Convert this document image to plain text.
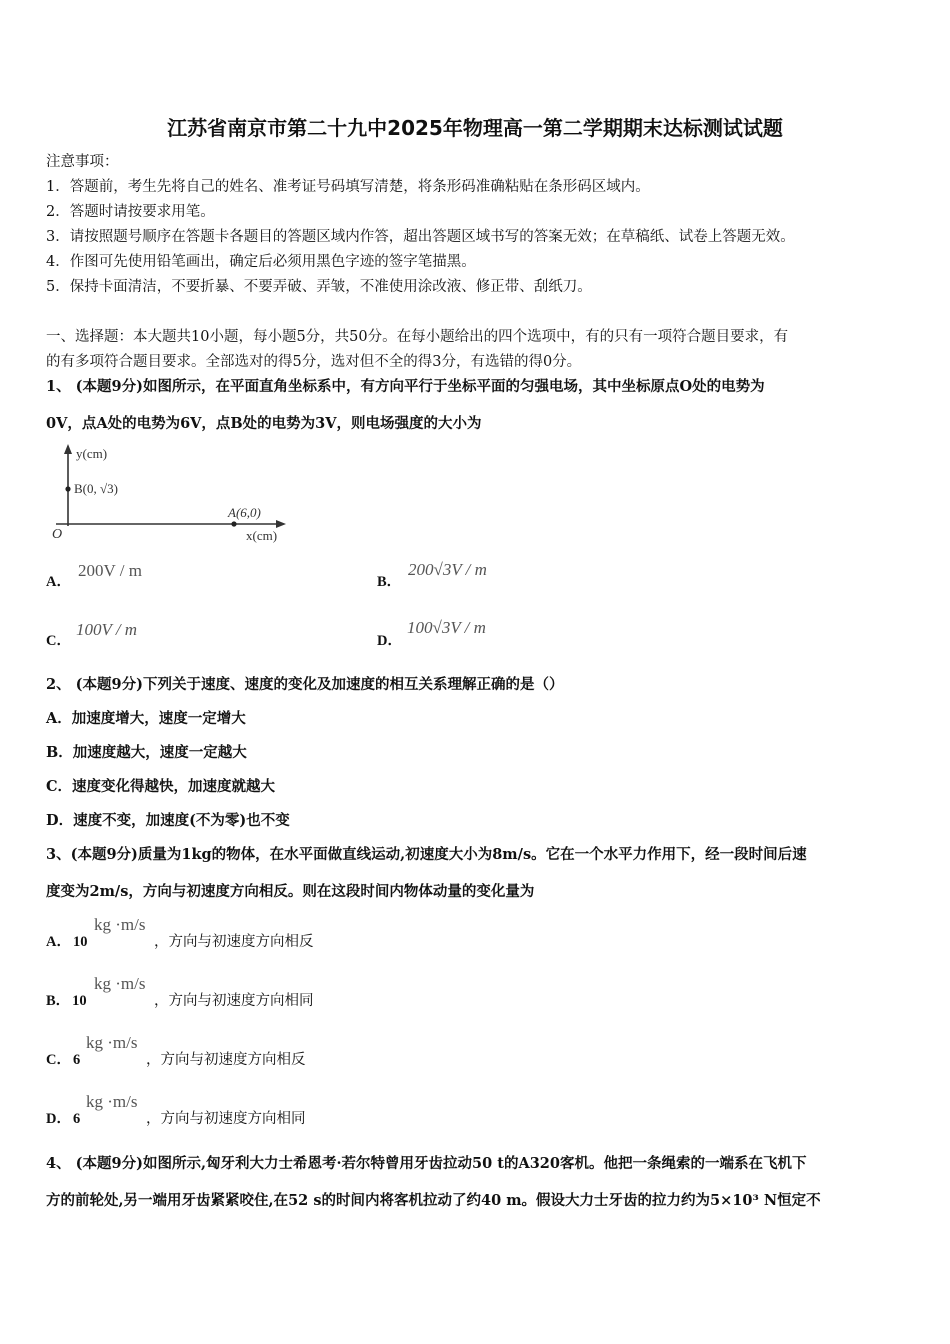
江苏省南京市第二十九中2025年物理高一第二学期期末达标测试试题
注意事项：
1．答题前，考生先将自己的姓名、准考证号码填写清楚，将条形码准确粘贴在条形码区域内。
2．答题时请按要求用笔。
3．请按照题号顺序在答题卡各题目的答题区域内作答，超出答题区域书写的答案无效；在草稿纸、试卷上答题无效。
4．作图可先使用铅笔画出，确定后必须用黑色字迹的签字笔描黑。
5．保持卡面清洁，不要折暴、不要弄破、弄皱，不准使用涂改液、修正带、刮纸刀。
一、选择题：本大题共10小题，每小题5分，共50分。在每小题给出的四个选项中，有的只有一项符合题目要求，有
的有多项符合题目要求。全部选对的得5分，选对但不全的得3分，有选错的得0分。
1、 (本题9分)如图所示，在平面直角坐标系中，有方向平行于坐标平面的匀强电场，其中坐标原点O处的电势为
0V，点A处的电势为6V，点B处的电势为3V，则电场强度的大小为
y(cm)
B(0, √3)
A(6,0)
O	x(cm)
A．
200V / m
B．
200√3V / m
C．
100V / m
D．
100√3V / m
2、 (本题9分)下列关于速度、速度的变化及加速度的相互关系理解正确的是（）
A．加速度增大，速度一定增大
B．加速度越大，速度一定越大
C．速度变化得越快，加速度就越大
D．速度不变，加速度(不为零)也不变
3、(本题9分)质量为1kg的物体，在水平面做直线运动,初速度大小为8m/s。它在一个水平力作用下，经一段时间后速
度变为2m/s，方向与初速度方向相反。则在这段时间内物体动量的变化量为
A． 10
kg ·m/s
，方向与初速度方向相反
B． 10
kg ·m/s
，方向与初速度方向相同
C． 6
kg ·m/s
，方向与初速度方向相反
D． 6
kg ·m/s
，方向与初速度方向相同
4、 (本题9分)如图所示,匈牙利大力士希恩考·若尔特曾用牙齿拉动50 t的A320客机。他把一条绳索的一端系在飞机下
方的前轮处,另一端用牙齿紧紧咬住,在52 s的时间内将客机拉动了约40 m。假设大力士牙齿的拉力约为5×10³ N恒定不
